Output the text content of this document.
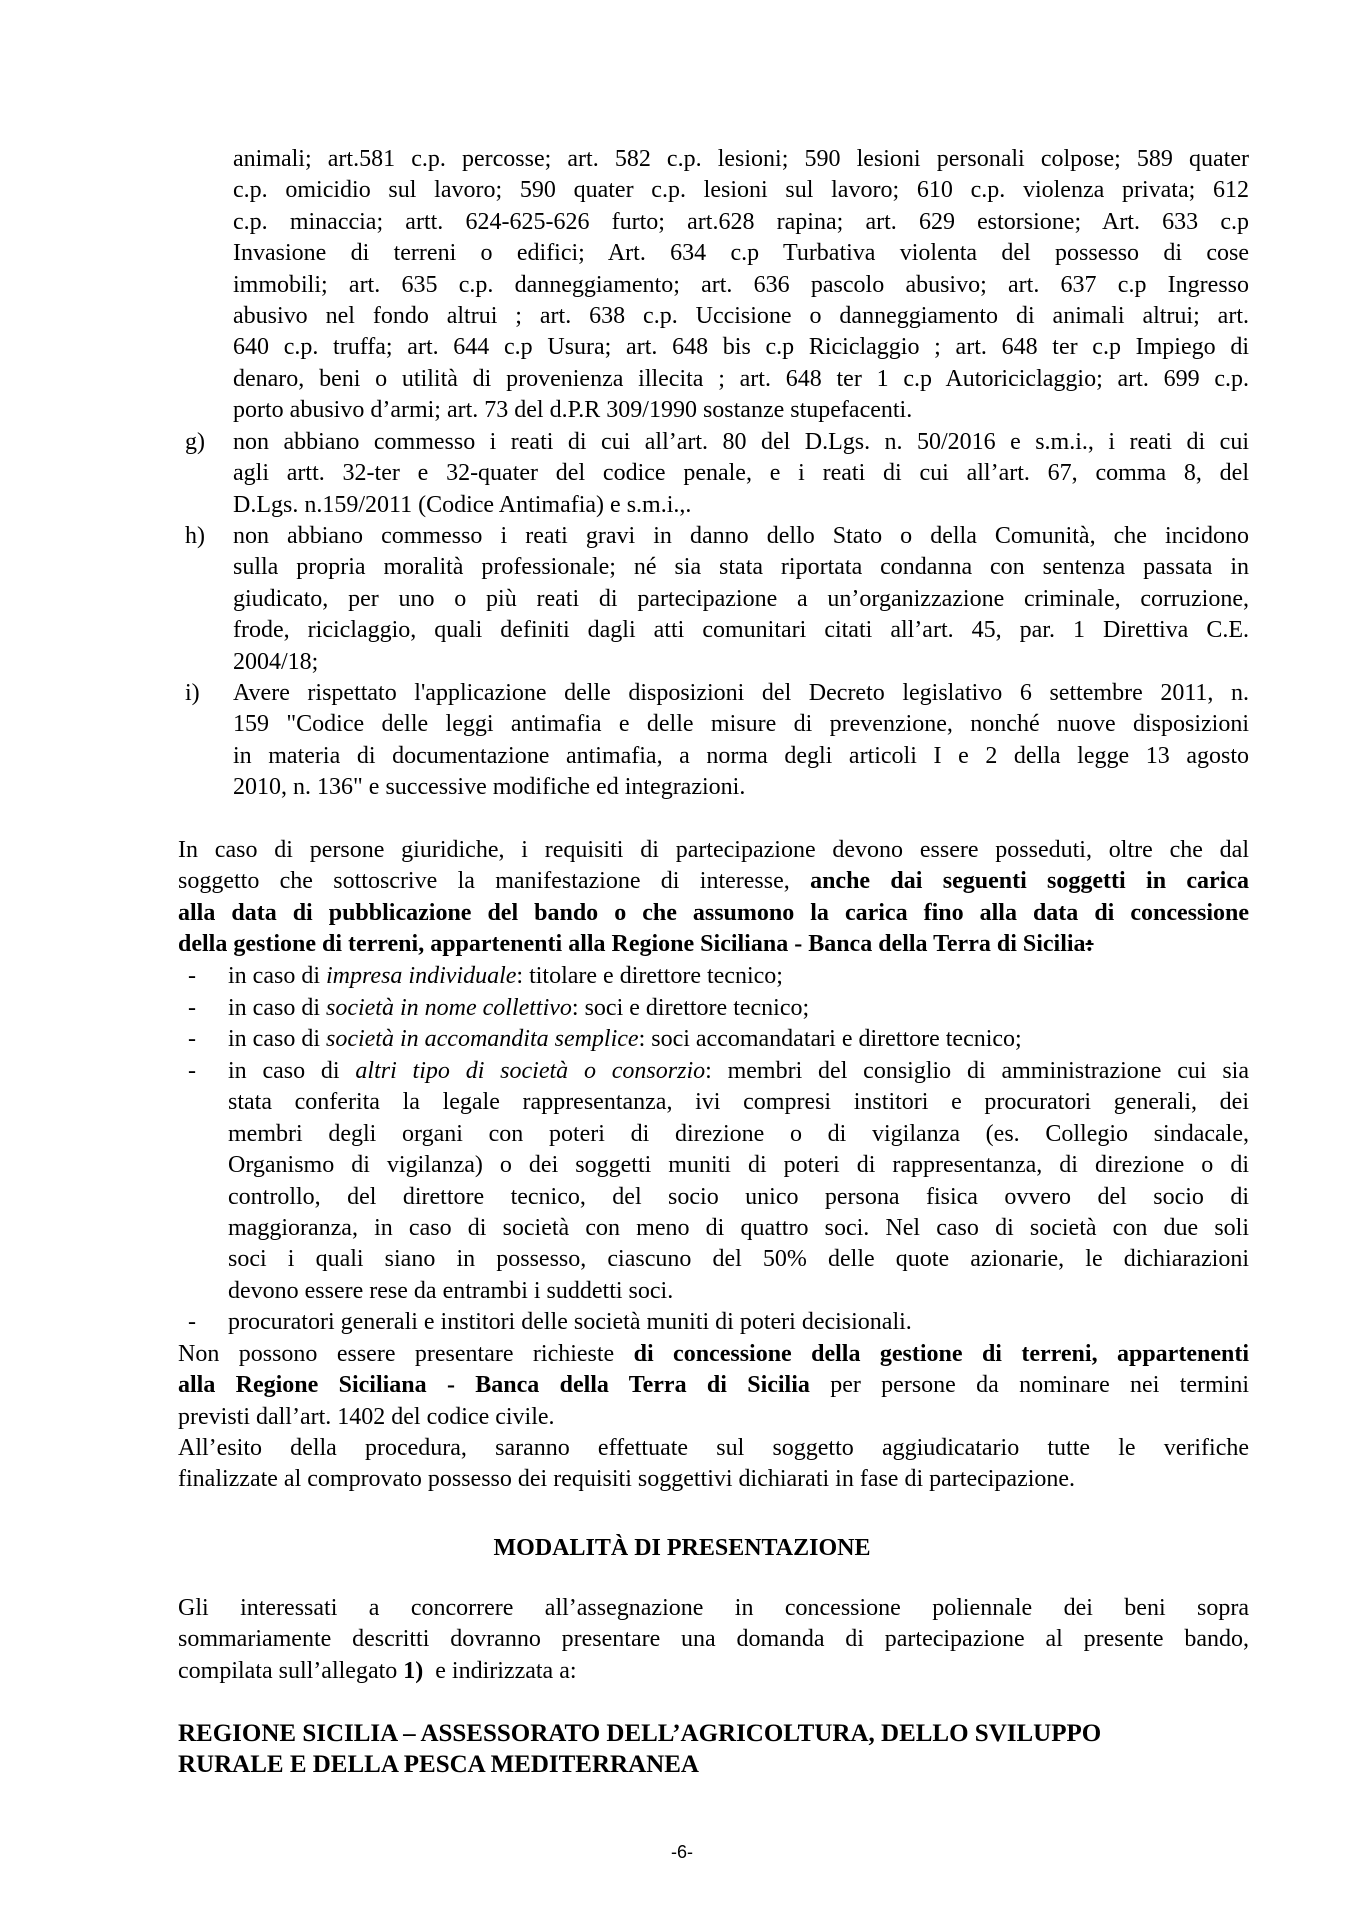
animali; art.581 c.p. percosse; art. 582 c.p. lesioni; 590 lesioni personali colpose; 589 quater
c.p. omicidio sul lavoro; 590 quater c.p. lesioni sul lavoro; 610 c.p. violenza privata; 612
c.p. minaccia; artt. 624-625-626 furto; art.628 rapina; art. 629 estorsione; Art. 633 c.p
Invasione di terreni o edifici; Art. 634 c.p Turbativa violenta del possesso di cose
immobili; art. 635 c.p. danneggiamento; art. 636 pascolo abusivo; art. 637 c.p Ingresso
abusivo nel fondo altrui ; art. 638 c.p. Uccisione o danneggiamento di animali altrui; art.
640 c.p. truffa; art. 644 c.p Usura; art. 648 bis c.p Riciclaggio ; art. 648 ter c.p Impiego di
denaro, beni o utilità di provenienza illecita ; art. 648 ter 1 c.p Autoriciclaggio; art. 699 c.p.
porto abusivo d’armi; art. 73 del d.P.R 309/1990 sostanze stupefacenti.
g)	non abbiano commesso i reati di cui all’art. 80 del D.Lgs. n. 50/2016 e s.m.i., i reati di cui
agli artt. 32-ter e 32-quater del codice penale, e i reati di cui all’art. 67, comma 8, del
D.Lgs. n.159/2011 (Codice Antimafia) e s.m.i.,.
h)	non abbiano commesso i reati gravi in danno dello Stato o della Comunità, che incidono
sulla propria moralità professionale; né sia stata riportata condanna con sentenza passata in
giudicato, per uno o più reati di partecipazione a un’organizzazione criminale, corruzione,
frode, riciclaggio, quali definiti dagli atti comunitari citati all’art. 45, par. 1 Direttiva C.E.
2004/18;
i)	Avere rispettato l'applicazione delle disposizioni del Decreto legislativo 6 settembre 2011, n.
159 "Codice delle leggi antimafia e delle misure di prevenzione, nonché nuove disposizioni
in materia di documentazione antimafia, a norma degli articoli I e 2 della legge 13 agosto
2010, n. 136" e successive modifiche ed integrazioni.
In caso di persone giuridiche, i requisiti di partecipazione devono essere posseduti, oltre che dal
soggetto che sottoscrive la manifestazione di interesse, anche dai seguenti soggetti in carica
alla data di pubblicazione del bando o che assumono la carica fino alla data di concessione
della gestione di terreni, appartenenti alla Regione Siciliana - Banca della Terra di Sicilia:
- in caso di impresa individuale: titolare e direttore tecnico;
- in caso di società in nome collettivo: soci e direttore tecnico;
- in caso di società in accomandita semplice: soci accomandatari e direttore tecnico;
- in caso di altri tipo di società o consorzio: membri del consiglio di amministrazione cui sia
stata conferita la legale rappresentanza, ivi compresi institori e procuratori generali, dei
membri degli organi con poteri di direzione o di vigilanza (es. Collegio sindacale,
Organismo di vigilanza) o dei soggetti muniti di poteri di rappresentanza, di direzione o di
controllo, del direttore tecnico, del socio unico persona fisica ovvero del socio di
maggioranza, in caso di società con meno di quattro soci. Nel caso di società con due soli
soci i quali siano in possesso, ciascuno del 50% delle quote azionarie, le dichiarazioni
devono essere rese da entrambi i suddetti soci.
- procuratori generali e institori delle società muniti di poteri decisionali.
Non possono essere presentare richieste di concessione della gestione di terreni, appartenenti
alla Regione Siciliana - Banca della Terra di Sicilia per persone da nominare nei termini
previsti dall’art. 1402 del codice civile.
All’esito della procedura, saranno effettuate sul soggetto aggiudicatario tutte le verifiche
finalizzate al comprovato possesso dei requisiti soggettivi dichiarati in fase di partecipazione.
MODALITÀ DI PRESENTAZIONE
Gli interessati a concorrere all’assegnazione in concessione poliennale dei beni sopra
sommariamente descritti dovranno presentare una domanda di partecipazione al presente bando,
compilata sull’allegato 1)  e indirizzata a:
REGIONE SICILIA – ASSESSORATO DELL’AGRICOLTURA, DELLO SVILUPPO
RURALE E DELLA PESCA MEDITERRANEA
-6-
